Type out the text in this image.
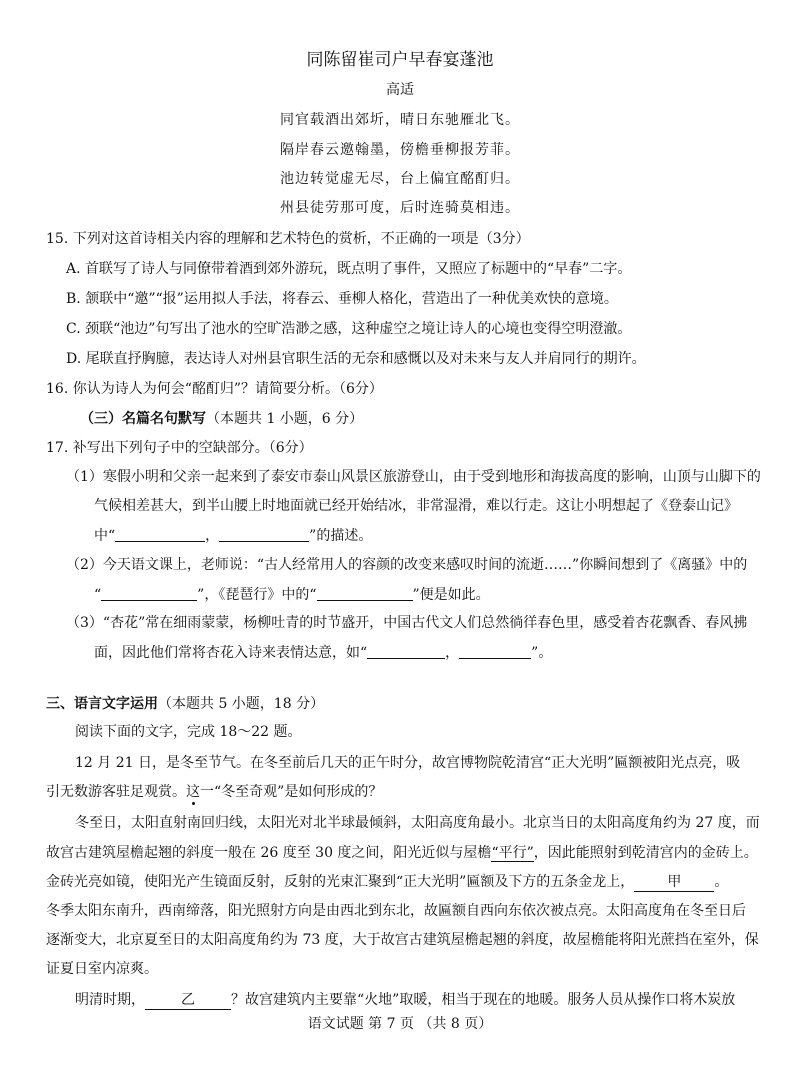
同陈留崔司户早春宴蓬池
高适
同官载酒出郊圻，晴日东驰雁北飞。
隔岸春云邀翰墨，傍檐垂柳报芳菲。
池边转觉虚无尽，台上偏宜酩酊归。
州县徒劳那可度，后时连骑莫相违。
15. 下列对这首诗相关内容的理解和艺术特色的赏析，不正确的一项是（3分）
A. 首联写了诗人与同僚带着酒到郊外游玩，既点明了事件，又照应了标题中的“早春”二字。
B. 颔联中“邀”“报”运用拟人手法，将春云、垂柳人格化，营造出了一种优美欢快的意境。
C. 颈联“池边”句写出了池水的空旷浩渺之感，这种虚空之境让诗人的心境也变得空明澄澈。
D. 尾联直抒胸臆，表达诗人对州县官职生活的无奈和感慨以及对未来与友人并肩同行的期许。
16. 你认为诗人为何会“酩酊归”？请简要分析。（6分）
（三）名篇名句默写（本题共 1 小题，6 分）
17. 补写出下列句子中的空缺部分。（6分）
（1）寒假小明和父亲一起来到了泰安市泰山风景区旅游登山，由于受到地形和海拔高度的影响，山顶与山脚下的
气候相差甚大，到半山腰上时地面就已经开始结冰，非常湿滑，难以行走。这让小明想起了《登泰山记》
中“	，	”的描述。
（2）今天语文课上，老师说：“古人经常用人的容颜的改变来感叹时间的流逝……”你瞬间想到了《离骚》中的
“	”，《琵琶行》中的“	”便是如此。
（3）“杏花”常在细雨蒙蒙，杨柳吐青的时节盛开，中国古代文人们总然徜徉春色里，感受着杏花飘香、春风拂
面，因此他们常将杏花入诗来表情达意，如“	，	”。
三、语言文字运用（本题共 5 小题，18 分）
阅读下面的文字，完成 18～22 题。
12 月 21 日，是冬至节气。在冬至前后几天的正午时分，故宫博物院乾清宫“正大光明”匾额被阳光点亮，吸
引无数游客驻足观赏。这一“冬至奇观”是如何形成的？
冬至日，太阳直射南回归线，太阳光对北半球最倾斜，太阳高度角最小。北京当日的太阳高度角约为 27 度，而
故宫古建筑屋檐起翘的斜度一般在 26 度至 30 度之间，阳光近似与屋檐“平行”，因此能照射到乾清宫内的金砖上。
金砖光亮如镜，使阳光产生镜面反射，反射的光束汇聚到“正大光明”匾额及下方的五条金龙上， 甲 。
冬季太阳东南升，西南缔落，阳光照射方向是由西北到东北，故匾额自西向东依次被点亮。太阳高度角在冬至日后
逐渐变大，北京夏至日的太阳高度角约为 73 度，大于故宫古建筑屋檐起翘的斜度，故屋檐能将阳光蔗挡在室外，保
证夏日室内凉爽。
明清时期，	乙	？故宫建筑内主要靠“火地”取暖，相当于现在的地暖。服务人员从操作口将木炭放
语文试题 第 7 页 （共 8 页）
